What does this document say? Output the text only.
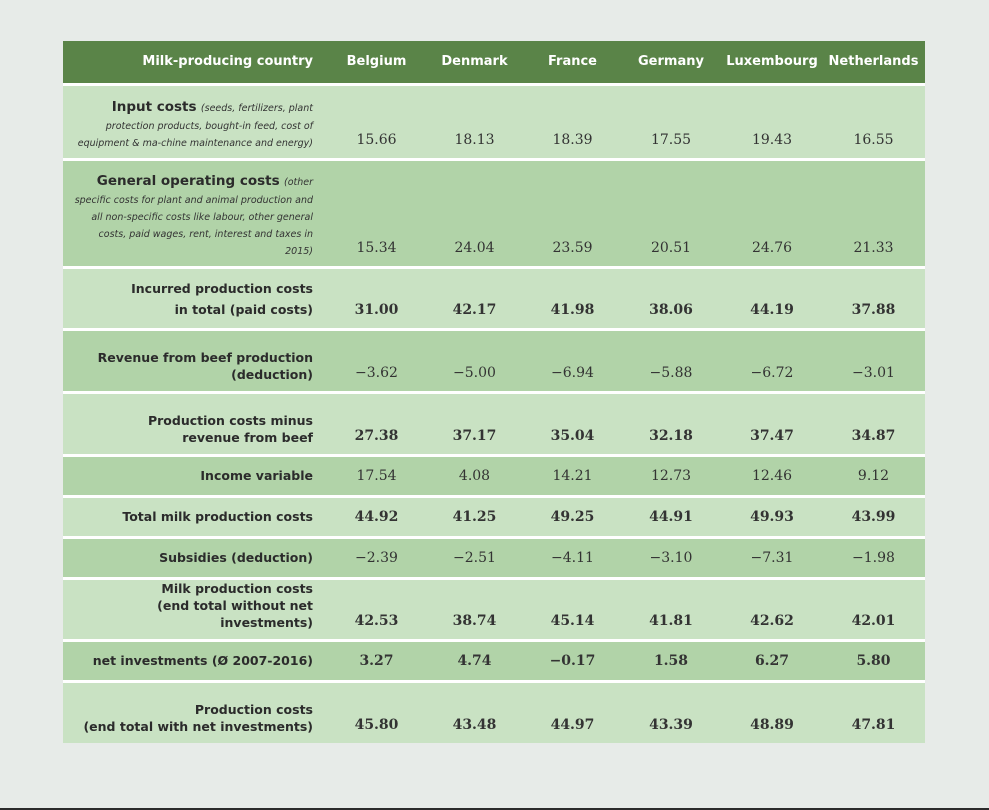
Milk-producing country	Belgium	Denmark	France	Germany	Luxembourg	Netherlands
Input costs (seeds, fertilizers, plant protection products, bought-in feed, cost of equipment & ma-chine maintenance and energy)	15.66	18.13	18.39	17.55	19.43	16.55
General operating costs (other specific costs for plant and animal production and all non-specific costs like labour, other general costs, paid wages, rent, interest and taxes in 2015)	15.34	24.04	23.59	20.51	24.76	21.33

Incurred production costs
in total (paid costs)	31.00	42.17	41.98	38.06	44.19	37.88

Revenue from beef production
(deduction)	−3.62	−5.00	−6.94	−5.88	−6.72	−3.01

Production costs minus
revenue from beef	27.38	37.17	35.04	32.18	37.47	34.87
Income variable	17.54	4.08	14.21	12.73	12.46	9.12
Total milk production costs	44.92	41.25	49.25	44.91	49.93	43.99
Subsidies (deduction)	−2.39	−2.51	−4.11	−3.10	−7.31	−1.98

Milk production costs
(end total without net investments)	42.53	38.74	45.14	41.81	42.62	42.01
net investments (Ø 2007-2016)	3.27	4.74	−0.17	1.58	6.27	5.80

Production costs
(end total with net investments)	45.80	43.48	44.97	43.39	48.89	47.81
